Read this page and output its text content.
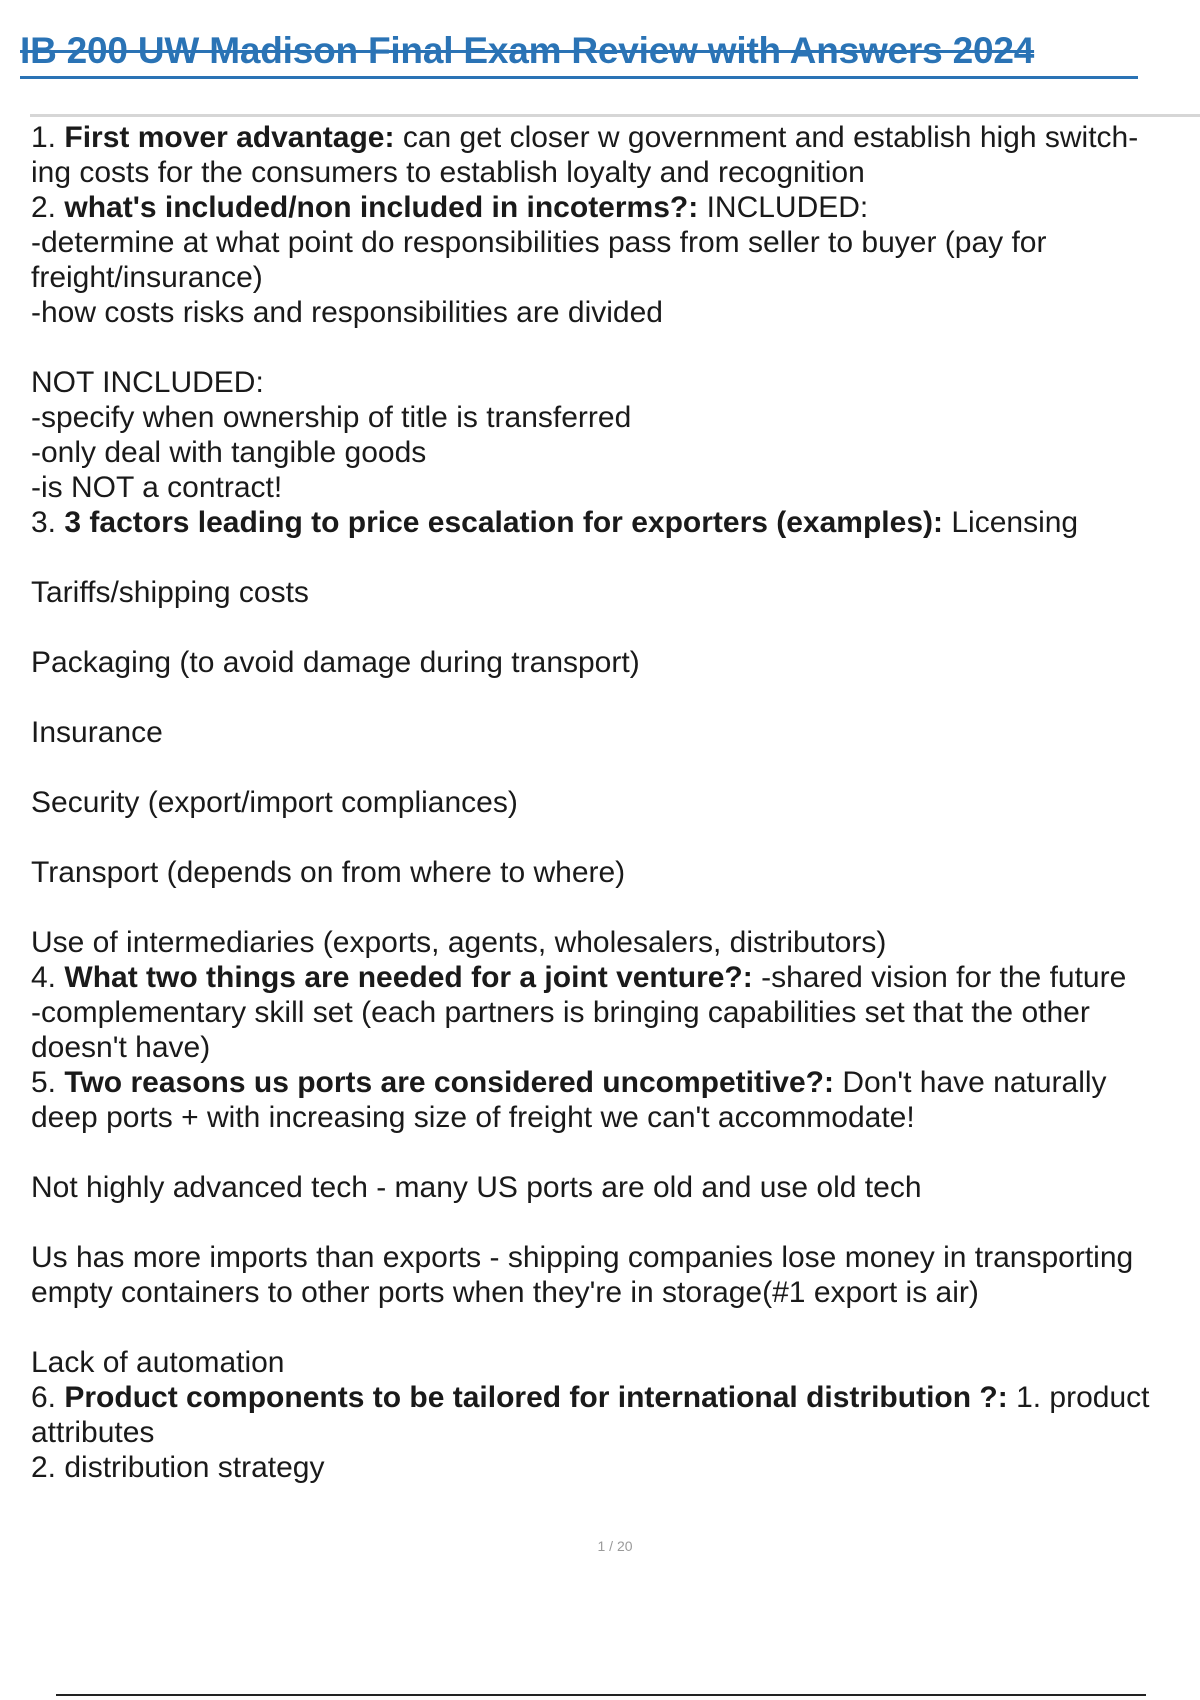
IB 200 UW Madison Final Exam Review with Answers 2024
1. First mover advantage: can get closer w government and establish high switch-
ing costs for the consumers to establish loyalty and recognition
2. what's included/non included in incoterms?: INCLUDED:
-determine at what point do responsibilities pass from seller to buyer (pay for
freight/insurance)
-how costs risks and responsibilities are divided
NOT INCLUDED:
-specify when ownership of title is transferred
-only deal with tangible goods
-is NOT a contract!
3. 3 factors leading to price escalation for exporters (examples): Licensing
Tariffs/shipping costs
Packaging (to avoid damage during transport)
Insurance
Security (export/import compliances)
Transport (depends on from where to where)
Use of intermediaries (exports, agents, wholesalers, distributors)
4. What two things are needed for a joint venture?: -shared vision for the future
-complementary skill set (each partners is bringing capabilities set that the other
doesn't have)
5. Two reasons us ports are considered uncompetitive?: Don't have naturally
deep ports + with increasing size of freight we can't accommodate!
Not highly advanced tech - many US ports are old and use old tech
Us has more imports than exports - shipping companies lose money in transporting
empty containers to other ports when they're in storage(#1 export is air)
Lack of automation
6. Product components to be tailored for international distribution ?: 1. product
attributes
2. distribution strategy
1 / 20
